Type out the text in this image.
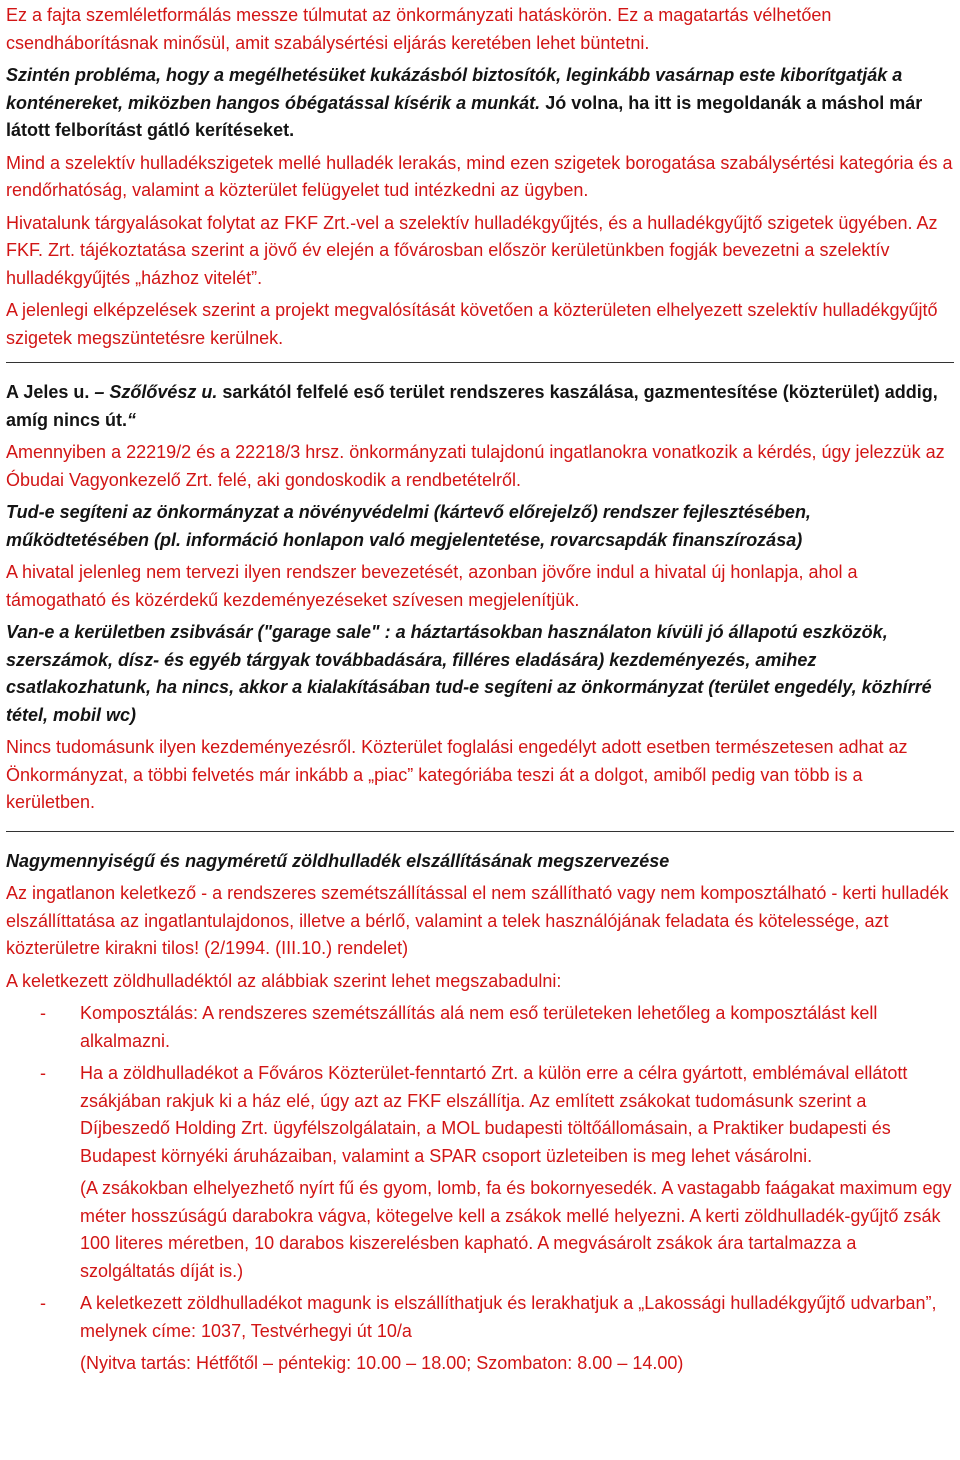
Ez a fajta szemléletformálás messze túlmutat az önkormányzati hatáskörön. Ez a magatartás vélhetően csendháborításnak minősül, amit szabálysértési eljárás keretében lehet büntetni.

Szintén probléma, hogy a megélhetésüket kukázásból biztosítók, leginkább vasárnap este kiborítgatják a konténereket, miközben hangos óbégatással kísérik a munkát. Jó volna, ha itt is megoldanák a máshol már látott felborítást gátló kerítéseket.

Mind a szelektív hulladékszigetek mellé hulladék lerakás, mind ezen szigetek borogatása szabálysértési kategória és a rendőrhatóság, valamint a közterület felügyelet tud intézkedni az ügyben.

Hivatalunk tárgyalásokat folytat az FKF Zrt.-vel a szelektív hulladékgyűjtés, és a hulladékgyűjtő szigetek ügyében. Az FKF. Zrt. tájékoztatása szerint a jövő év elején a fővárosban először kerületünkben fogják bevezetni a szelektív hulladékgyűjtés „házhoz vitelét”.

A jelenlegi elképzelések szerint a projekt megvalósítását követően a közterületen elhelyezett szelektív hulladékgyűjtő szigetek megszüntetésre kerülnek.

A Jeles u. – Szőlővész u. sarkától felfelé eső terület rendszeres kaszálása, gazmentesítése (közterület) addig, amíg nincs út.“

Amennyiben a 22219/2 és a 22218/3 hrsz. önkormányzati tulajdonú ingatlanokra vonatkozik a kérdés, úgy jelezzük az Óbudai Vagyonkezelő Zrt. felé, aki gondoskodik a rendbetételről.

Tud-e segíteni az önkormányzat a növényvédelmi (kártevő előrejelző) rendszer fejlesztésében, működtetésében (pl. információ honlapon való megjelentetése, rovarcsapdák finanszírozása)

A hivatal jelenleg nem tervezi ilyen rendszer bevezetését, azonban jövőre indul a hivatal új honlapja, ahol a támogatható és közérdekű kezdeményezéseket szívesen megjelenítjük.

Van-e a kerületben zsibvásár ("garage sale" : a háztartásokban használaton kívüli jó állapotú eszközök, szerszámok, dísz- és egyéb tárgyak továbbadására, filléres eladására) kezdeményezés, amihez csatlakozhatunk, ha nincs, akkor a kialakításában tud-e segíteni az önkormányzat (terület engedély, közhírré tétel, mobil wc)

Nincs tudomásunk ilyen kezdeményezésről. Közterület foglalási engedélyt adott esetben természetesen adhat az Önkormányzat, a többi felvetés már inkább a „piac” kategóriába teszi át a dolgot, amiből pedig van több is a kerületben.

Nagymennyiségű és nagyméretű zöldhulladék elszállításának megszervezése

Az ingatlanon keletkező - a rendszeres szemétszállítással el nem szállítható vagy nem komposztálható - kerti hulladék elszállíttatása az ingatlantulajdonos, illetve a bérlő, valamint a telek használójának feladata és kötelessége, azt közterületre kirakni tilos! (2/1994. (III.10.) rendelet)

A keletkezett zöldhulladéktól az alábbiak szerint lehet megszabadulni:

- Komposztálás: A rendszeres szemétszállítás alá nem eső területeken lehetőleg a komposztálást kell alkalmazni.
- Ha a zöldhulladékot a Főváros Közterület-fenntartó Zrt. a külön erre a célra gyártott, emblémával ellátott zsákjában rakjuk ki a ház elé, úgy azt az FKF elszállítja. Az említett zsákokat tudomásunk szerint a Díjbeszedő Holding Zrt. ügyfélszolgálatain, a MOL budapesti töltőállomásain, a Praktiker budapesti és Budapest környéki áruházaiban, valamint a SPAR csoport üzleteiben is meg lehet vásárolni.

(A zsákokban elhelyezhető nyírt fű és gyom, lomb, fa és bokornyesedék. A vastagabb faágakat maximum egy méter hosszúságú darabokra vágva, kötegelve kell a zsákok mellé helyezni. A kerti zöldhulladék-gyűjtő zsák 100 literes méretben, 10 darabos kiszerelésben kapható. A megvásárolt zsákok ára tartalmazza a szolgáltatás díját is.)

- A keletkezett zöldhulladékot magunk is elszállíthatjuk és lerakhatjuk a „Lakossági hulladékgyűjtő udvarban”, melynek címe: 1037, Testvérhegyi út 10/a

(Nyitva tartás: Hétfőtől – péntekig: 10.00 – 18.00; Szombaton: 8.00 – 14.00)
